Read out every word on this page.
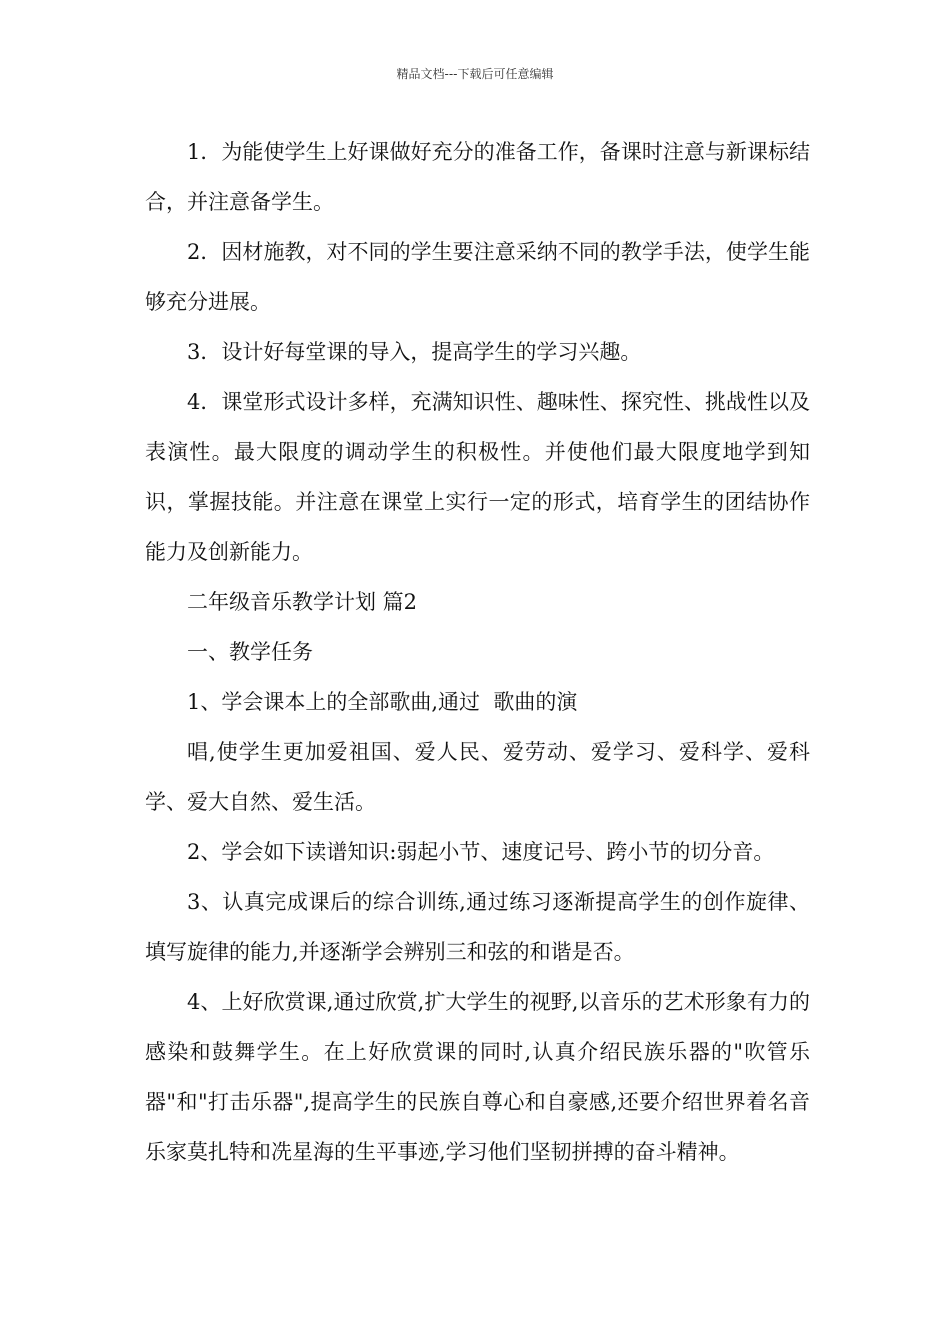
精品文档---下载后可任意编辑

1．为能使学生上好课做好充分的准备工作，备课时注意与新课标结合，并注意备学生。

2．因材施教，对不同的学生要注意采纳不同的教学手法，使学生能够充分进展。

3．设计好每堂课的导入，提高学生的学习兴趣。

4．课堂形式设计多样，充满知识性、趣味性、探究性、挑战性以及表演性。最大限度的调动学生的积极性。并使他们最大限度地学到知识，掌握技能。并注意在课堂上实行一定的形式，培育学生的团结协作能力及创新能力。

二年级音乐教学计划 篇2

一、教学任务

1、学会课本上的全部歌曲,通过  歌曲的演

唱,使学生更加爱祖国、爱人民、爱劳动、爱学习、爱科学、爱科学、爱大自然、爱生活。

2、学会如下读谱知识:弱起小节、速度记号、跨小节的切分音。

3、认真完成课后的综合训练,通过练习逐渐提高学生的创作旋律、填写旋律的能力,并逐渐学会辨别三和弦的和谐是否。

4、上好欣赏课,通过欣赏,扩大学生的视野,以音乐的艺术形象有力的感染和鼓舞学生。在上好欣赏课的同时,认真介绍民族乐器的"吹管乐器"和"打击乐器",提高学生的民族自尊心和自豪感,还要介绍世界着名音乐家莫扎特和冼星海的生平事迹,学习他们坚韧拼搏的奋斗精神。
